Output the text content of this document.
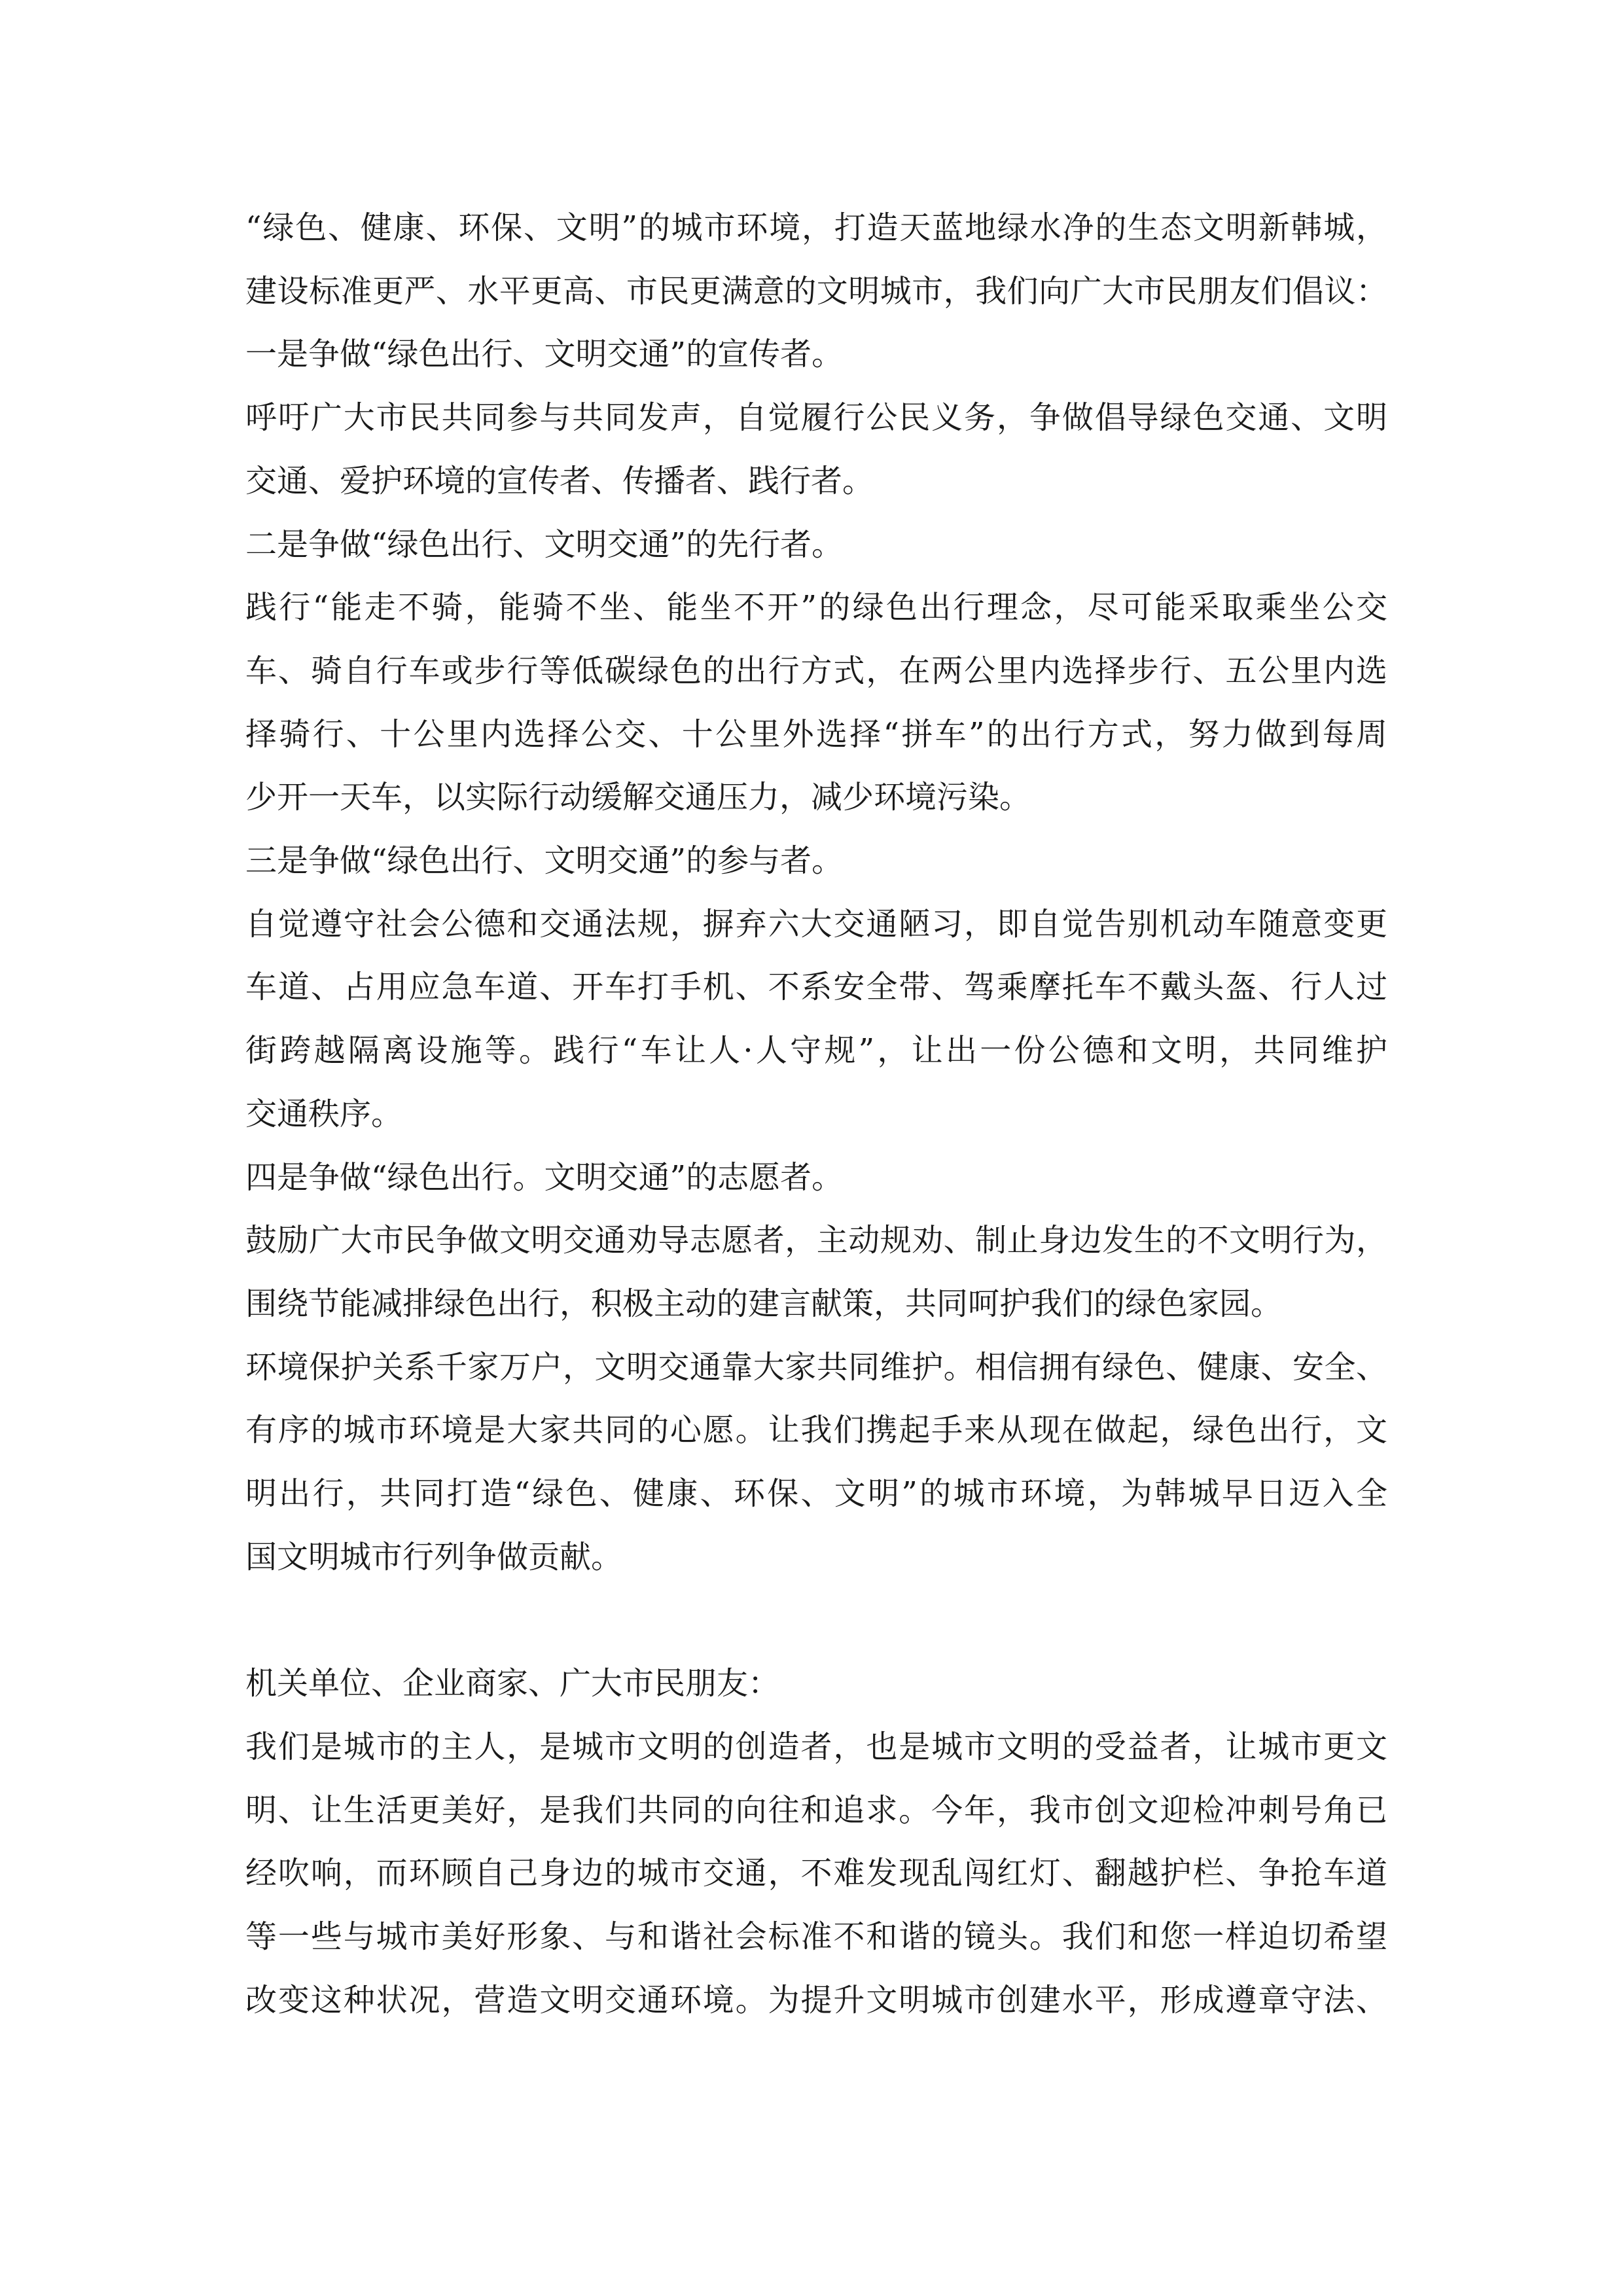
“绿色、健康、环保、文明”的城市环境，打造天蓝地绿水净的生态文明新韩城，
建设标准更严、水平更高、市民更满意的文明城市，我们向广大市民朋友们倡议：
一是争做“绿色出行、文明交通”的宣传者。
呼吁广大市民共同参与共同发声，自觉履行公民义务，争做倡导绿色交通、文明
交通、爱护环境的宣传者、传播者、践行者。
二是争做“绿色出行、文明交通”的先行者。
践行“能走不骑，能骑不坐、能坐不开”的绿色出行理念，尽可能采取乘坐公交
车、骑自行车或步行等低碳绿色的出行方式，在两公里内选择步行、五公里内选
择骑行、十公里内选择公交、十公里外选择“拼车”的出行方式，努力做到每周
少开一天车，以实际行动缓解交通压力，减少环境污染。
三是争做“绿色出行、文明交通”的参与者。
自觉遵守社会公德和交通法规，摒弃六大交通陋习，即自觉告别机动车随意变更
车道、占用应急车道、开车打手机、不系安全带、驾乘摩托车不戴头盔、行人过
街跨越隔离设施等。践行“车让人·人守规”，让出一份公德和文明，共同维护
交通秩序。
四是争做“绿色出行。文明交通”的志愿者。
鼓励广大市民争做文明交通劝导志愿者，主动规劝、制止身边发生的不文明行为，
围绕节能减排绿色出行，积极主动的建言献策，共同呵护我们的绿色家园。
环境保护关系千家万户，文明交通靠大家共同维护。相信拥有绿色、健康、安全、
有序的城市环境是大家共同的心愿。让我们携起手来从现在做起，绿色出行，文
明出行，共同打造“绿色、健康、环保、文明”的城市环境，为韩城早日迈入全
国文明城市行列争做贡献。
机关单位、企业商家、广大市民朋友：
我们是城市的主人，是城市文明的创造者，也是城市文明的受益者，让城市更文
明、让生活更美好，是我们共同的向往和追求。今年，我市创文迎检冲刺号角已
经吹响，而环顾自己身边的城市交通，不难发现乱闯红灯、翻越护栏、争抢车道
等一些与城市美好形象、与和谐社会标准不和谐的镜头。我们和您一样迫切希望
改变这种状况，营造文明交通环境。为提升文明城市创建水平，形成遵章守法、
